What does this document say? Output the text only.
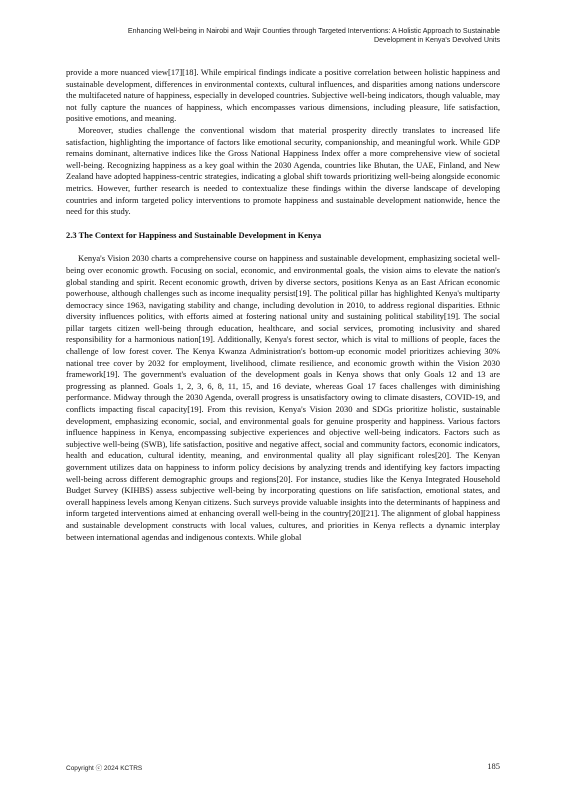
Enhancing Well-being in Nairobi and Wajir Counties through Targeted Interventions: A Holistic Approach to Sustainable
Development in Kenya's Devolved Units

provide a more nuanced view[17][18]. While empirical findings indicate a positive correlation between holistic happiness and sustainable development, differences in environmental contexts, cultural influences, and disparities among nations underscore the multifaceted nature of happiness, especially in developed countries. Subjective well-being indicators, though valuable, may not fully capture the nuances of happiness, which encompasses various dimensions, including pleasure, life satisfaction, positive emotions, and meaning.

Moreover, studies challenge the conventional wisdom that material prosperity directly translates to increased life satisfaction, highlighting the importance of factors like emotional security, companionship, and meaningful work. While GDP remains dominant, alternative indices like the Gross National Happiness Index offer a more comprehensive view of societal well-being. Recognizing happiness as a key goal within the 2030 Agenda, countries like Bhutan, the UAE, Finland, and New Zealand have adopted happiness-centric strategies, indicating a global shift towards prioritizing well-being alongside economic metrics. However, further research is needed to contextualize these findings within the diverse landscape of developing countries and inform targeted policy interventions to promote happiness and sustainable development nationwide, hence the need for this study.

2.3 The Context for Happiness and Sustainable Development in Kenya

Kenya's Vision 2030 charts a comprehensive course on happiness and sustainable development, emphasizing societal well-being over economic growth. Focusing on social, economic, and environmental goals, the vision aims to elevate the nation's global standing and spirit. Recent economic growth, driven by diverse sectors, positions Kenya as an East African economic powerhouse, although challenges such as income inequality persist[19]. The political pillar has highlighted Kenya's multiparty democracy since 1963, navigating stability and change, including devolution in 2010, to address regional disparities. Ethnic diversity influences politics, with efforts aimed at fostering national unity and sustaining political stability[19]. The social pillar targets citizen well-being through education, healthcare, and social services, promoting inclusivity and shared responsibility for a harmonious nation[19]. Additionally, Kenya's forest sector, which is vital to millions of people, faces the challenge of low forest cover. The Kenya Kwanza Administration's bottom-up economic model prioritizes achieving 30% national tree cover by 2032 for employment, livelihood, climate resilience, and economic growth within the Vision 2030 framework[19]. The government's evaluation of the development goals in Kenya shows that only Goals 12 and 13 are progressing as planned. Goals 1, 2, 3, 6, 8, 11, 15, and 16 deviate, whereas Goal 17 faces challenges with diminishing performance. Midway through the 2030 Agenda, overall progress is unsatisfactory owing to climate disasters, COVID-19, and conflicts impacting fiscal capacity[19]. From this revision, Kenya's Vision 2030 and SDGs prioritize holistic, sustainable development, emphasizing economic, social, and environmental goals for genuine prosperity and happiness. Various factors influence happiness in Kenya, encompassing subjective experiences and objective well-being indicators. Factors such as subjective well-being (SWB), life satisfaction, positive and negative affect, social and community factors, economic indicators, health and education, cultural identity, meaning, and environmental quality all play significant roles[20]. The Kenyan government utilizes data on happiness to inform policy decisions by analyzing trends and identifying key factors impacting well-being across different demographic groups and regions[20]. For instance, studies like the Kenya Integrated Household Budget Survey (KIHBS) assess subjective well-being by incorporating questions on life satisfaction, emotional states, and overall happiness levels among Kenyan citizens. Such surveys provide valuable insights into the determinants of happiness and inform targeted interventions aimed at enhancing overall well-being in the country[20][21]. The alignment of global happiness and sustainable development constructs with local values, cultures, and priorities in Kenya reflects a dynamic interplay between international agendas and indigenous contexts. While global

Copyright ⓒ 2024 KCTRS	185
